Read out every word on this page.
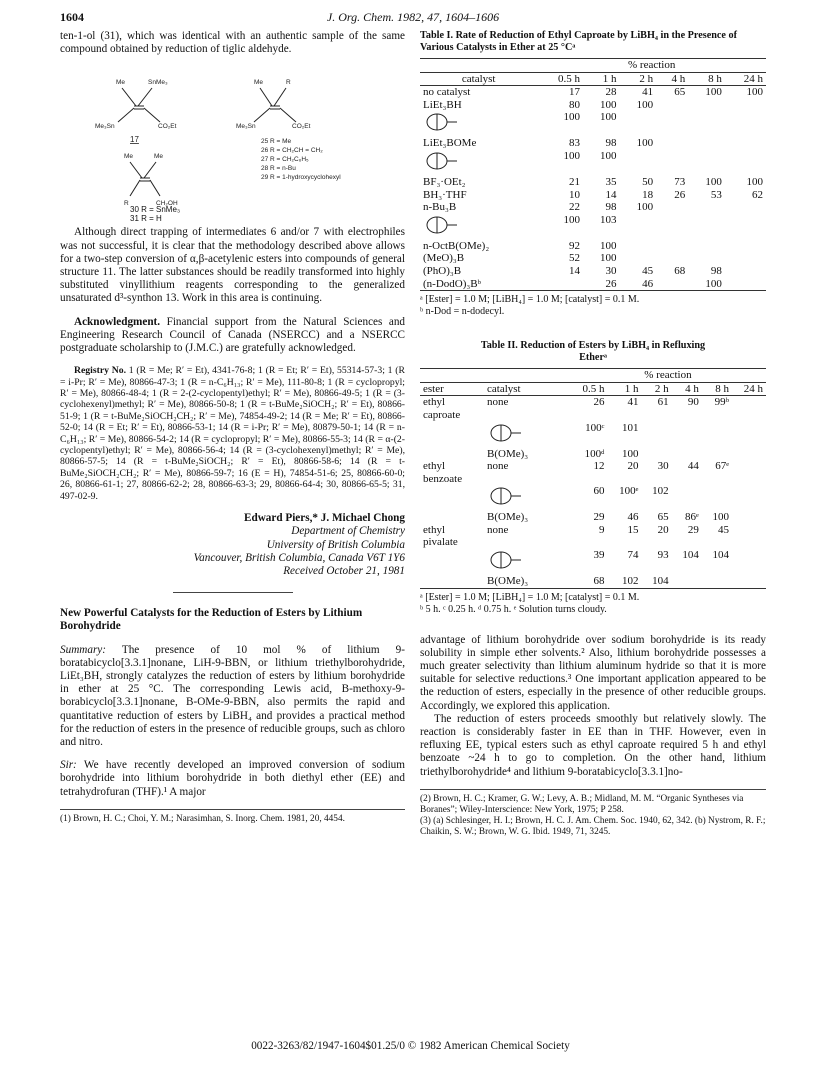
1604	J. Org. Chem. 1982, 47, 1604–1606

ten-1-ol (31), which was identical with an authentic sample of the same compound obtained by reduction of tiglic aldehyde.

Me	SnMe₃
Me₃Sn	CO₂Et
17
Me	R
Me₃Sn	CO₂Et
25 R = Me
26 R = CH₂CH = CH₂
27 R = CH₂C₆H₅
28 R = n-Bu
29 R = 1-hydroxycyclohexyl
Me	Me
R	CH₂OH
30 R = SnMe₃
31 R = H

Although direct trapping of intermediates 6 and/or 7 with electrophiles was not successful, it is clear that the methodology described above allows for a two-step conversion of α,β-acetylenic esters into compounds of general structure 11. The latter substances should be readily transformed into highly substituted vinyllithium reagents corresponding to the generalized unsaturated d³-synthon 13. Work in this area is continuing.

Acknowledgment. Financial support from the Natural Sciences and Engineering Research Council of Canada (NSERCC) and a NSERCC postgraduate scholarship to (J.M.C.) are gratefully acknowledged.

Registry No. 1 (R = Me; R′ = Et), 4341-76-8; 1 (R = Et; R′ = Et), 55314-57-3; 1 (R = i-Pr; R′ = Me), 80866-47-3; 1 (R = n-C₆H₁₃; R′ = Me), 111-80-8; 1 (R = cyclopropyl; R′ = Me), 80866-48-4; 1 (R = 2-(2-cyclopentyl)ethyl; R′ = Me), 80866-49-5; 1 (R = (3-cyclohexenyl)methyl; R′ = Me), 80866-50-8; 1 (R = t-BuMe₂SiOCH₂; R′ = Et), 80866-51-9; 1 (R = t-BuMe₂SiOCH₂CH₂; R′ = Me), 74854-49-2; 14 (R = Me; R′ = Et), 80866-52-0; 14 (R = Et; R′ = Et), 80866-53-1; 14 (R = i-Pr; R′ = Me), 80879-50-1; 14 (R = n-C₆H₁₃; R′ = Me), 80866-54-2; 14 (R = cyclopropyl; R′ = Me), 80866-55-3; 14 (R = α-(2-cyclopentyl)ethyl; R′ = Me), 80866-56-4; 14 (R = (3-cyclohexenyl)methyl; R′ = Me), 80866-57-5; 14 (R = t-BuMe₂SiOCH₂; R′ = Et), 80866-58-6; 14 (R = t-BuMe₂SiOCH₂CH₂; R′ = Me), 80866-59-7; 16 (E = H), 74854-51-6; 25, 80866-60-0; 26, 80866-61-1; 27, 80866-62-2; 28, 80866-63-3; 29, 80866-64-4; 30, 80866-65-5; 31, 497-02-9.

Edward Piers,* J. Michael Chong
Department of Chemistry
University of British Columbia
Vancouver, British Columbia, Canada V6T 1Y6
Received October 21, 1981

New Powerful Catalysts for the Reduction of Esters by Lithium Borohydride

Summary: The presence of 10 mol % of lithium 9-boratabicyclo[3.3.1]nonane, LiH-9-BBN, or lithium triethylborohydride, LiEt₃BH, strongly catalyzes the reduction of esters by lithium borohydride in ether at 25 °C. The corresponding Lewis acid, B-methoxy-9-borabicyclo[3.3.1]nonane, B-OMe-9-BBN, also permits the rapid and quantitative reduction of esters by LiBH₄ and provides a practical method for the reduction of esters in the presence of reducible groups, such as chloro and nitro.

Sir: We have recently developed an improved conversion of sodium borohydride into lithium borohydride in both diethyl ether (EE) and tetrahydrofuran (THF).¹ A major

(1) Brown, H. C.; Choi, Y. M.; Narasimhan, S. Inorg. Chem. 1981, 20, 4454.
Table I. Rate of Reduction of Ethyl Caproate by LiBH₄ in the Presence of Various Catalysts in Ether at 25 °Cᵃ
	% reaction					
catalyst	0.5 h	1 h	2 h	4 h	8 h	24 h
no catalyst	17	28	41	65	100	100
LiEt₃BH	80	100	100			
	100	100				
LiEt₃BOMe	83	98	100			
	100	100				
BF₃·OEt₂	21	35	50	73	100	100
BH₃·THF	10	14	18	26	53	62
n-Bu₃B	22	98	100			
	100	103				
n-OctB(OMe)₂	92	100				
(MeO)₃B	52	100				
(PhO)₃B	14	30	45	68	98	
(n-DodO)₃Bᵇ		26	46		100	
ᵃ [Ester] = 1.0 M; [LiBH₄] = 1.0 M; [catalyst] = 0.1 M.
ᵇ n-Dod = n-dodecyl.
Table II. Reduction of Esters by LiBH₄ in Refluxing Etherᵃ
		% reaction					
ester	catalyst	0.5 h	1 h	2 h	4 h	8 h	24 h
ethyl caproate	none	26	41	61	90	99ᵇ	
		100ᶜ	101				
	B(OMe)₃	100ᵈ	100				
ethyl benzoate	none	12	20	30	44	67ᵉ	
		60	100ᵉ	102			
	B(OMe)₃	29	46	65	86ᵉ	100	
ethyl pivalate	none	9	15	20	29	45	
		39	74	93	104	104	
	B(OMe)₃	68	102	104			
ᵃ [Ester] = 1.0 M; [LiBH₄] = 1.0 M; [catalyst] = 0.1 M.
ᵇ 5 h. ᶜ 0.25 h. ᵈ 0.75 h. ᵉ Solution turns cloudy.

advantage of lithium borohydride over sodium borohydride is its ready solubility in simple ether solvents.² Also, lithium borohydride possesses a much greater selectivity than lithium aluminum hydride so that it is more suitable for selective reductions.³ One important application appeared to be the reduction of esters, especially in the presence of other reducible groups. Accordingly, we explored this application.

The reduction of esters proceeds smoothly but relatively slowly. The reaction is considerably faster in EE than in THF. However, even in refluxing EE, typical esters such as ethyl caproate required 5 h and ethyl benzoate ~24 h to go to completion. On the other hand, lithium triethylborohydride⁴ and lithium 9-boratabicyclo[3.3.1]no-

(2) Brown, H. C.; Kramer, G. W.; Levy, A. B.; Midland, M. M. “Organic Syntheses via Boranes”; Wiley-Interscience: New York, 1975; P 258.
(3) (a) Schlesinger, H. I.; Brown, H. C. J. Am. Chem. Soc. 1940, 62, 342. (b) Nystrom, R. F.; Chaikin, S. W.; Brown, W. G. Ibid. 1949, 71, 3245.
0022-3263/82/1947-1604$01.25/0 © 1982 American Chemical Society
